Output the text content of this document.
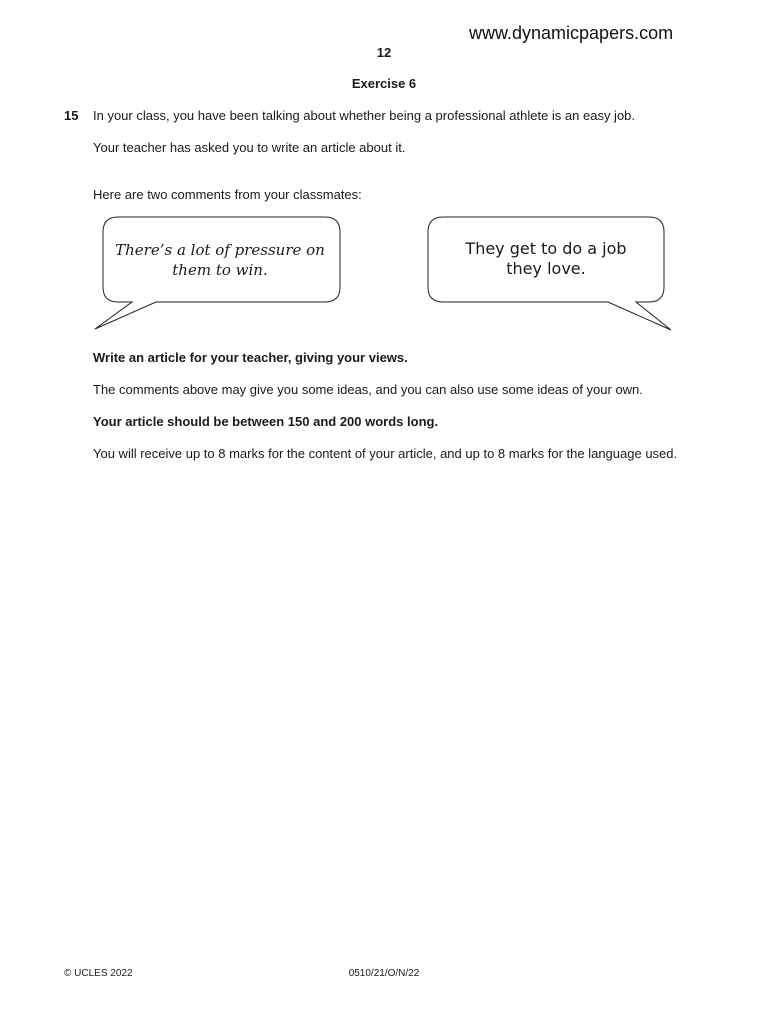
www.dynamicpapers.com
12
Exercise 6
15 In your class, you have been talking about whether being a professional athlete is an easy job.
Your teacher has asked you to write an article about it.
Here are two comments from your classmates:
There’s a lot of pressure on
them to win.
They get to do a job
they love.
Write an article for your teacher, giving your views.
The comments above may give you some ideas, and you can also use some ideas of your own.
Your article should be between 150 and 200 words long.
You will receive up to 8 marks for the content of your article, and up to 8 marks for the language used.
© UCLES 2022	0510/21/O/N/22
